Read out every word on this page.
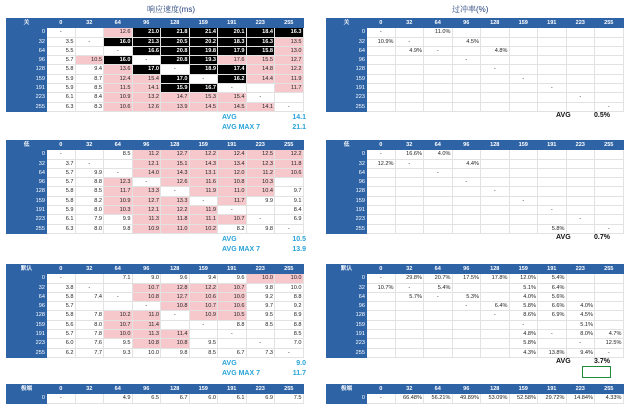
响应速度(ms)	过冲率(%)
关	0	32	64	96	128	159	191	223	255
0	-		12.6	21.0	21.8	21.4	20.1	18.4	16.3
32	3.5	-	16.0	21.3	20.5	20.2	18.3	16.3	13.5
64	5.5		-	16.6	20.8	19.8	17.9	15.8	13.0
96	5.7	10.5	16.0	-	20.8	19.3	17.6	15.5	12.7
128	5.8	9.4	13.6	17.0	-	18.9	17.4	14.8	12.2
159	5.9	8.7	12.4	15.4	17.0	-	16.2	14.4	11.9
191	5.9	8.5	11.5	14.1	15.9	16.7	-		11.7
223	6.1	8.4	10.9	13.2	14.7	15.3	15.4	-	
255	6.3	8.3	10.6	12.6	13.9	14.5	14.5	14.1	-
关	0	32	64	96	128	159	191	223	255
0	-		11.0%						
32	10.9%	-		4.5%					
64		4.9%	-		4.8%				
96				-					
128					-				
159						-			
191							-		
223								-	
255									-
AVG	14.1
AVG MAX 7	21.1
AVG	0.5%
低	0	32	64	96	128	159	191	223	255
0	-		8.5	11.2	12.7	12.2	12.4	12.5	12.2
32	3.7	-		12.1	15.1	14.3	13.4	12.3	11.8
64	5.7	9.9	-	14.0	14.3	13.1	12.0	11.2	10.6
96	5.7	8.8	12.3	-	12.6	11.6	10.8	10.3	
128	5.8	8.5	11.7	13.3	-	11.9	11.0	10.4	9.7
159	5.8	8.2	10.9	12.7	13.3	-	11.7	9.9	9.1
191	5.9	8.0	10.3	12.1	12.2	11.9	-		8.4
223	6.1	7.9	9.9	11.3	11.8	11.1	10.7	-	6.9
255	6.3	8.0	9.8	10.9	11.0	10.2	8.2	9.8	-
低	0	32	64	96	128	159	191	223	255
0	-	16.6%	4.0%						
32	12.2%	-		4.4%					
64			-						
96				-					
128					-				
159						-			
191							-		
223								-	
255							5.8%		-
AVG	10.5
AVG MAX 7	13.9
AVG	0.7%
默认	0	32	64	96	128	159	191	223	255
0	-		7.1	9.0	9.6	9.4	9.6	10.0	10.0
32	3.8	-		10.7	12.8	12.2	10.7	9.8	10.0
64	5.8	7.4	-	10.8	12.7	10.6	10.0	9.2	8.8
96	5.7			-	10.8	10.7	10.6	9.7	9.2
128	5.8	7.8	10.2	11.0	-	10.9	10.5	9.5	8.9
159	5.6	8.0	10.7	11.4		-	8.8	8.5	8.8
191	5.7	7.8	10.0	11.3	11.4		-		8.5
223	6.0	7.6	9.5	10.8	10.8	9.5		-	7.0
255	6.2	7.7	9.3	10.0	9.8	8.5	6.7	7.3	-
默认	0	32	64	96	128	159	191	223	255
0	-	29.8%	20.7%	17.5%	17.8%	12.0%	5.4%		
32	10.7%	-	5.4%			5.1%	6.4%		
64		5.7%	-	5.3%		4.0%	5.6%		
96				-	6.4%	5.8%	6.6%	4.0%	
128					-	8.6%	6.9%	4.5%	
159						-		5.1%	
191						4.8%	-	8.0%	4.7%
223						5.8%		-	12.5%
255						4.3%	13.8%	9.4%	-
AVG	9.0
AVG MAX 7	11.7
AVG	3.7%
极端	0	32	64	96	128	159	191	223	255
0	-		4.9	6.5	6.7	6.0	6.1	6.9	7.5
极端	0	32	64	96	128	159	191	223	255
0	-	66.48%	56.21%	49.89%	53.09%	52.58%	29.72%	14.84%	4.33%
